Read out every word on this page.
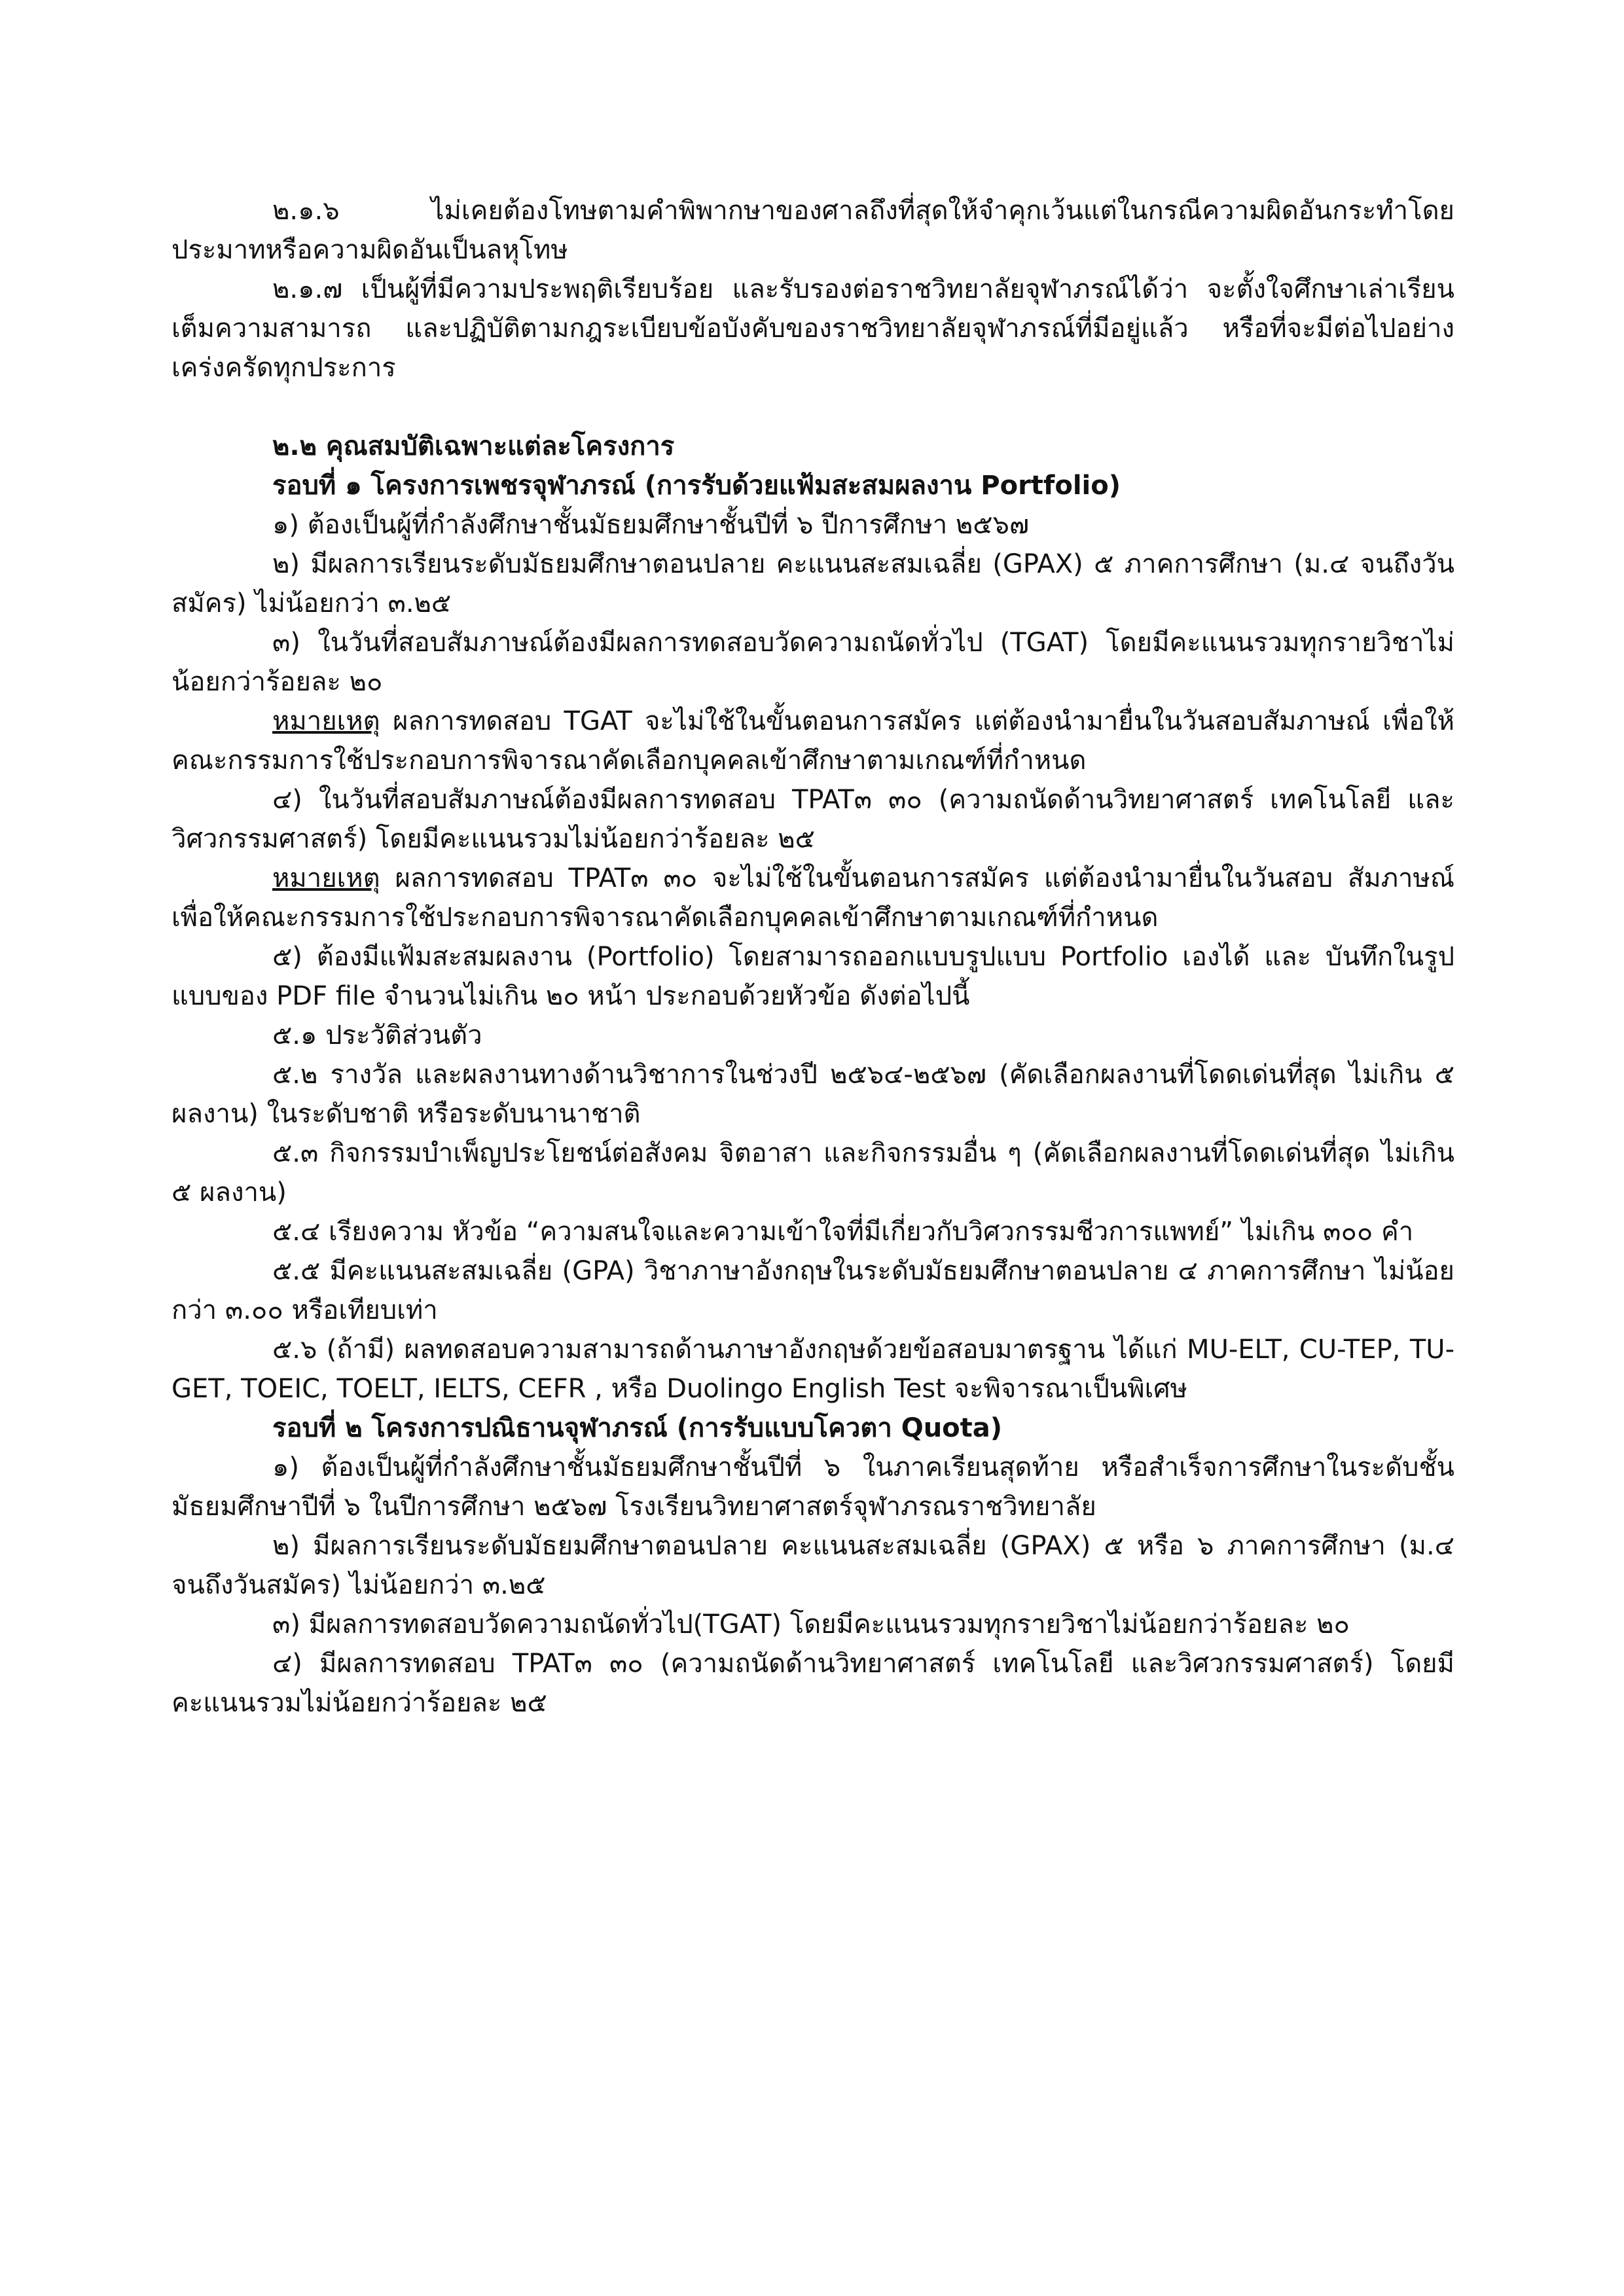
๒.๑.๖ ไม่เคยต้องโทษตามคำพิพากษาของศาลถึงที่สุดให้จำคุกเว้นแต่ในกรณีความผิดอันกระทำโดยประมาทหรือความผิดอันเป็นลหุโทษ

๒.๑.๗ เป็นผู้ที่มีความประพฤติเรียบร้อย และรับรองต่อราชวิทยาลัยจุฬาภรณ์ได้ว่า จะตั้งใจศึกษาเล่าเรียนเต็มความสามารถ และปฏิบัติตามกฎระเบียบข้อบังคับของราชวิทยาลัยจุฬาภรณ์ที่มีอยู่แล้ว หรือที่จะมีต่อไปอย่างเคร่งครัดทุกประการ

๒.๒ คุณสมบัติเฉพาะแต่ละโครงการ

รอบที่ ๑ โครงการเพชรจุฬาภรณ์ (การรับด้วยแฟ้มสะสมผลงาน Portfolio)

๑) ต้องเป็นผู้ที่กำลังศึกษาชั้นมัธยมศึกษาชั้นปีที่ ๖ ปีการศึกษา ๒๕๖๗

๒) มีผลการเรียนระดับมัธยมศึกษาตอนปลาย คะแนนสะสมเฉลี่ย (GPAX) ๕ ภาคการศึกษา (ม.๔ จนถึงวันสมัคร) ไม่น้อยกว่า ๓.๒๕

๓) ในวันที่สอบสัมภาษณ์ต้องมีผลการทดสอบวัดความถนัดทั่วไป (TGAT) โดยมีคะแนนรวมทุกรายวิชาไม่น้อยกว่าร้อยละ ๒๐

หมายเหตุ ผลการทดสอบ TGAT จะไม่ใช้ในขั้นตอนการสมัคร แต่ต้องนำมายื่นในวันสอบสัมภาษณ์ เพื่อให้คณะกรรมการใช้ประกอบการพิจารณาคัดเลือกบุคคลเข้าศึกษาตามเกณฑ์ที่กำหนด

๔) ในวันที่สอบสัมภาษณ์ต้องมีผลการทดสอบ TPAT๓ ๓๐ (ความถนัดด้านวิทยาศาสตร์ เทคโนโลยี และวิศวกรรมศาสตร์) โดยมีคะแนนรวมไม่น้อยกว่าร้อยละ ๒๕

หมายเหตุ ผลการทดสอบ TPAT๓ ๓๐ จะไม่ใช้ในขั้นตอนการสมัคร แต่ต้องนำมายื่นในวันสอบ สัมภาษณ์ เพื่อให้คณะกรรมการใช้ประกอบการพิจารณาคัดเลือกบุคคลเข้าศึกษาตามเกณฑ์ที่กำหนด

๕) ต้องมีแฟ้มสะสมผลงาน (Portfolio) โดยสามารถออกแบบรูปแบบ Portfolio เองได้ และ บันทึกในรูปแบบของ PDF file จำนวนไม่เกิน ๒๐ หน้า ประกอบด้วยหัวข้อ ดังต่อไปนี้

๕.๑ ประวัติส่วนตัว

๕.๒ รางวัล และผลงานทางด้านวิชาการในช่วงปี ๒๕๖๔-๒๕๖๗ (คัดเลือกผลงานที่โดดเด่นที่สุด ไม่เกิน ๕ ผลงาน) ในระดับชาติ หรือระดับนานาชาติ

๕.๓ กิจกรรมบำเพ็ญประโยชน์ต่อสังคม จิตอาสา และกิจกรรมอื่น ๆ (คัดเลือกผลงานที่โดดเด่นที่สุด ไม่เกิน ๕ ผลงาน)

๕.๔ เรียงความ หัวข้อ “ความสนใจและความเข้าใจที่มีเกี่ยวกับวิศวกรรมชีวการแพทย์” ไม่เกิน ๓๐๐ คำ

๕.๕ มีคะแนนสะสมเฉลี่ย (GPA) วิชาภาษาอังกฤษในระดับมัธยมศึกษาตอนปลาย ๔ ภาคการศึกษา ไม่น้อยกว่า ๓.๐๐ หรือเทียบเท่า

๕.๖ (ถ้ามี) ผลทดสอบความสามารถด้านภาษาอังกฤษด้วยข้อสอบมาตรฐาน ได้แก่ MU-ELT, CU-TEP, TU-GET, TOEIC, TOELT, IELTS, CEFR , หรือ Duolingo English Test จะพิจารณาเป็นพิเศษ

รอบที่ ๒ โครงการปณิธานจุฬาภรณ์ (การรับแบบโควตา Quota)

๑) ต้องเป็นผู้ที่กำลังศึกษาชั้นมัธยมศึกษาชั้นปีที่ ๖ ในภาคเรียนสุดท้าย หรือสำเร็จการศึกษาในระดับชั้นมัธยมศึกษาปีที่ ๖ ในปีการศึกษา ๒๕๖๗ โรงเรียนวิทยาศาสตร์จุฬาภรณราชวิทยาลัย

๒) มีผลการเรียนระดับมัธยมศึกษาตอนปลาย คะแนนสะสมเฉลี่ย (GPAX) ๕ หรือ ๖ ภาคการศึกษา (ม.๔ จนถึงวันสมัคร) ไม่น้อยกว่า ๓.๒๕

๓) มีผลการทดสอบวัดความถนัดทั่วไป(TGAT) โดยมีคะแนนรวมทุกรายวิชาไม่น้อยกว่าร้อยละ ๒๐

๔) มีผลการทดสอบ TPAT๓ ๓๐ (ความถนัดด้านวิทยาศาสตร์ เทคโนโลยี และวิศวกรรมศาสตร์) โดยมีคะแนนรวมไม่น้อยกว่าร้อยละ ๒๕
